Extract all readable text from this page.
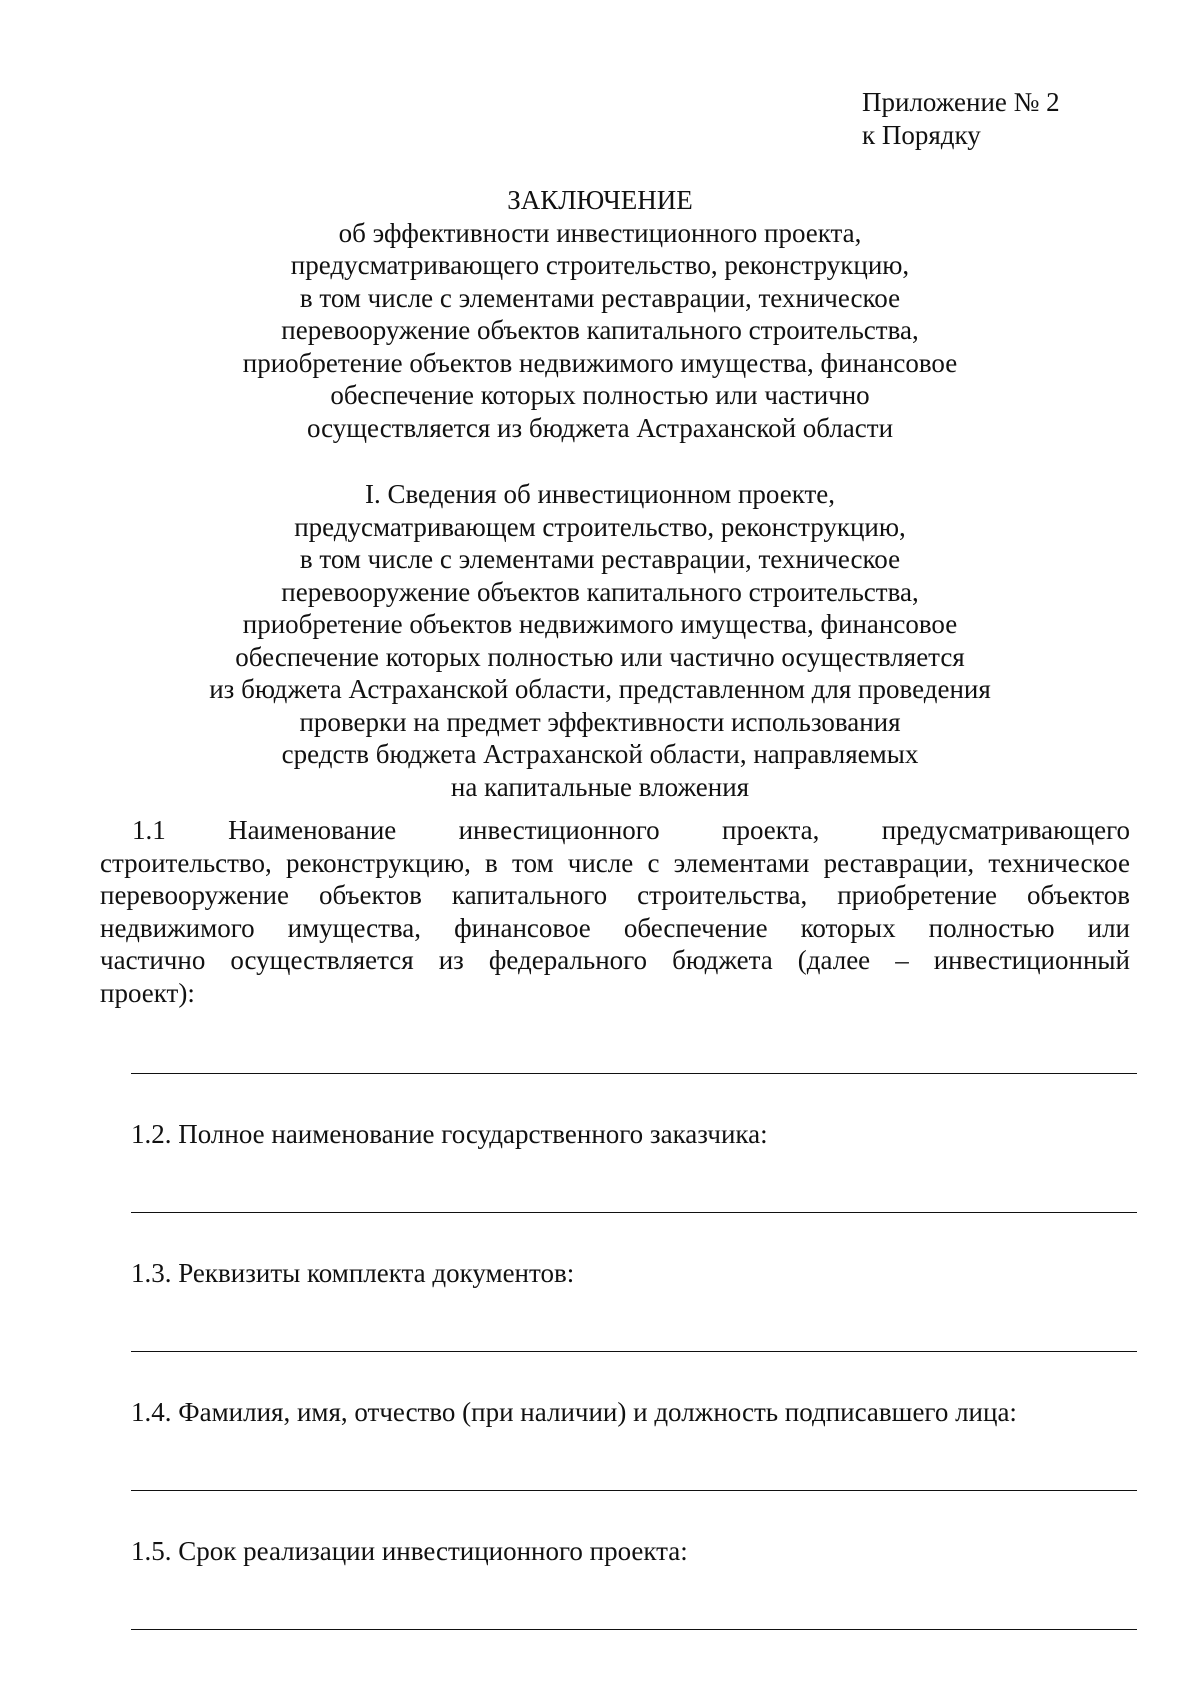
Приложение № 2
к Порядку
ЗАКЛЮЧЕНИЕ
об эффективности инвестиционного проекта,
предусматривающего строительство, реконструкцию,
в том числе с элементами реставрации, техническое
перевооружение объектов капитального строительства,
приобретение объектов недвижимого имущества, финансовое
обеспечение которых полностью или частично
осуществляется из бюджета Астраханской области
I. Сведения об инвестиционном проекте,
предусматривающем строительство, реконструкцию,
в том числе с элементами реставрации, техническое
перевооружение объектов капитального строительства,
приобретение объектов недвижимого имущества, финансовое
обеспечение которых полностью или частично осуществляется
из бюджета Астраханской области, представленном для проведения
проверки на предмет эффективности использования
средств бюджета Астраханской области, направляемых
на капитальные вложения
1.1 Наименование инвестиционного проекта, предусматривающего
строительство, реконструкцию, в том числе с элементами реставрации, техническое
перевооружение объектов капитального строительства, приобретение объектов
недвижимого имущества, финансовое обеспечение которых полностью или
частично осуществляется из федерального бюджета (далее – инвестиционный
проект):
1.2. Полное наименование государственного заказчика:
1.3. Реквизиты комплекта документов:
1.4. Фамилия, имя, отчество (при наличии) и должность подписавшего лица:
1.5. Срок реализации инвестиционного проекта:
